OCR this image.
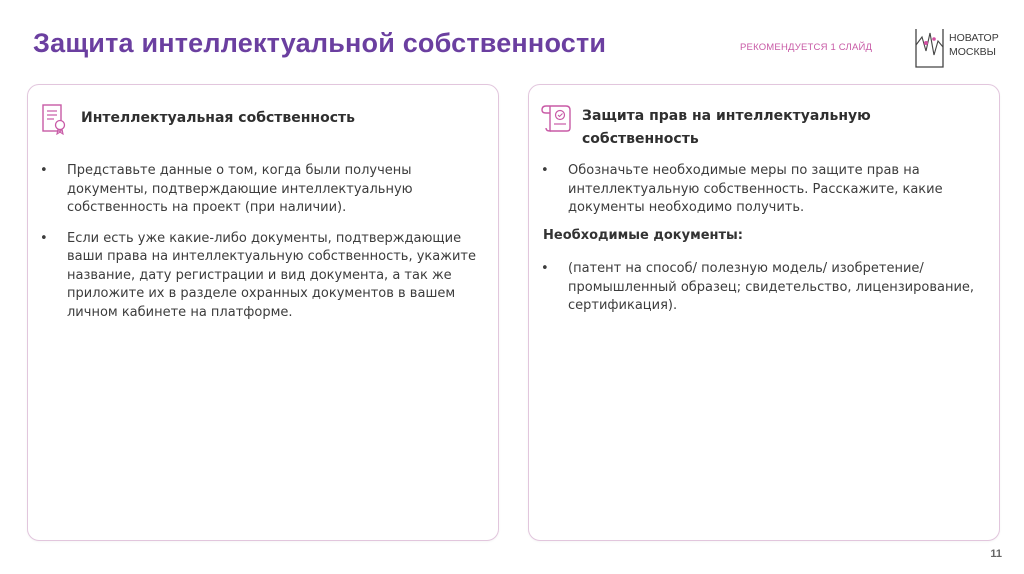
Защита интеллектуальной собственности	РЕКОМЕНДУЕТСЯ 1 СЛАЙД
НОВАТОР
МОСКВЫ
Интеллектуальная собственность
• Представьте данные о том, когда были получены документы, подтверждающие интеллектуальную собственность на проект (при наличии).
• Если есть уже какие-либо документы, подтверждающие ваши права на интеллектуальную собственность, укажите название, дату регистрации и вид документа, а так же приложите их в разделе охранных документов в вашем личном кабинете на платформе.
Защита прав на интеллектуальную собственность
• Обозначьте необходимые меры по защите прав на интеллектуальную собственность. Расскажите, какие документы необходимо получить.
Необходимые документы:
• (патент на способ/ полезную модель/ изобретение/ промышленный образец; свидетельство, лицензирование, сертификация).
11
